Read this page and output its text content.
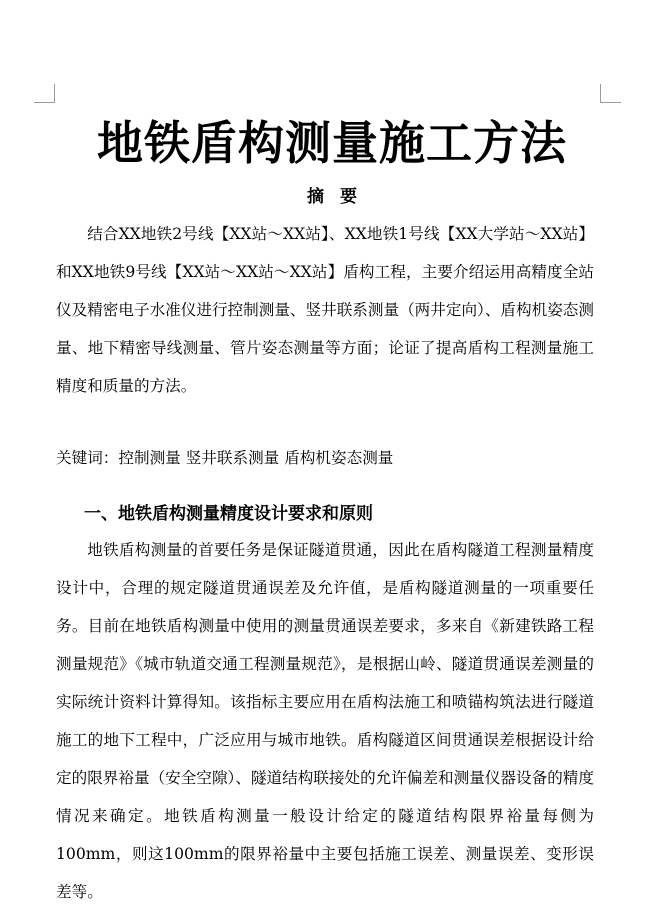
地铁盾构测量施工方法
摘要

结合XX地铁2号线【XX站～XX站】、XX地铁1号线【XX大学站～XX站】和XX地铁9号线【XX站～XX站～XX站】盾构工程，主要介绍运用高精度全站仪及精密电子水准仪进行控制测量、竖井联系测量（两井定向）、盾构机姿态测量、地下精密导线测量、管片姿态测量等方面；论证了提高盾构工程测量施工精度和质量的方法。

关键词：控制测量 竖井联系测量 盾构机姿态测量

一、地铁盾构测量精度设计要求和原则

地铁盾构测量的首要任务是保证隧道贯通，因此在盾构隧道工程测量精度设计中，合理的规定隧道贯通误差及允许值，是盾构隧道测量的一项重要任务。目前在地铁盾构测量中使用的测量贯通误差要求，多来自《新建铁路工程测量规范》《城市轨道交通工程测量规范》，是根据山岭、隧道贯通误差测量的实际统计资料计算得知。该指标主要应用在盾构法施工和喷锚构筑法进行隧道施工的地下工程中，广泛应用与城市地铁。盾构隧道区间贯通误差根据设计给定的限界裕量（安全空隙）、隧道结构联接处的允许偏差和测量仪器设备的精度情况来确定。地铁盾构测量一般设计给定的隧道结构限界裕量每侧为100mm，则这100mm的限界裕量中主要包括施工误差、测量误差、变形误差等。
